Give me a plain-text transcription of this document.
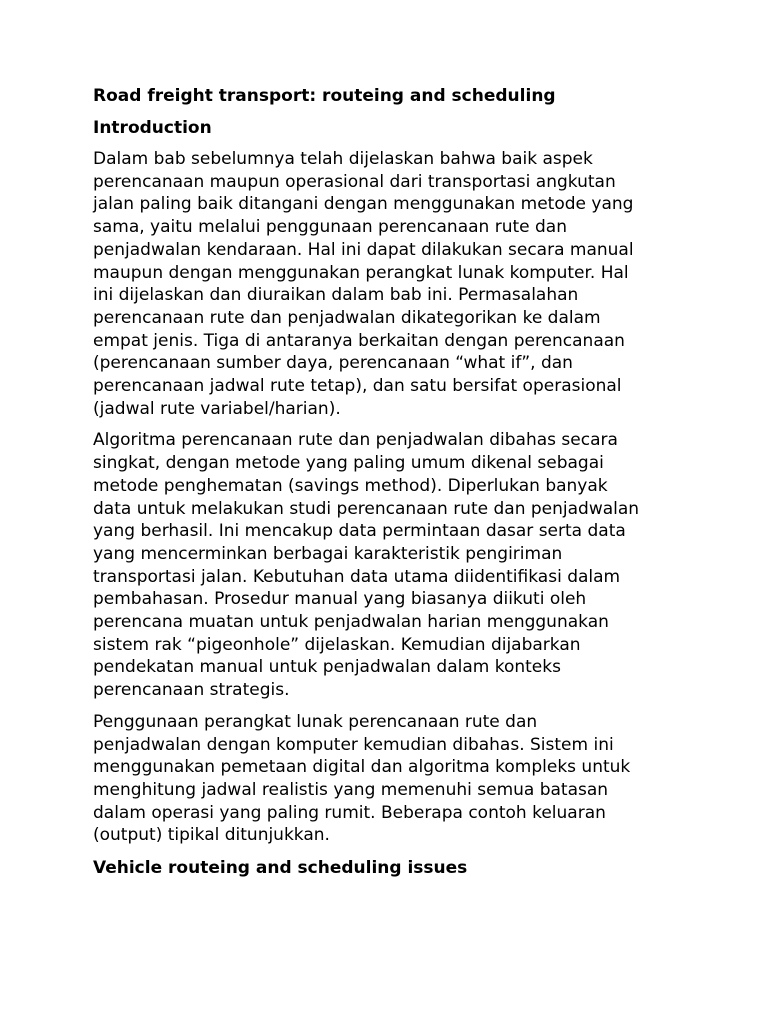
Road freight transport: routeing and scheduling
Introduction
Dalam bab sebelumnya telah dijelaskan bahwa baik aspek
perencanaan maupun operasional dari transportasi angkutan
jalan paling baik ditangani dengan menggunakan metode yang
sama, yaitu melalui penggunaan perencanaan rute dan
penjadwalan kendaraan. Hal ini dapat dilakukan secara manual
maupun dengan menggunakan perangkat lunak komputer. Hal
ini dijelaskan dan diuraikan dalam bab ini. Permasalahan
perencanaan rute dan penjadwalan dikategorikan ke dalam
empat jenis. Tiga di antaranya berkaitan dengan perencanaan
(perencanaan sumber daya, perencanaan “what if”, dan
perencanaan jadwal rute tetap), dan satu bersifat operasional
(jadwal rute variabel/harian).
Algoritma perencanaan rute dan penjadwalan dibahas secara
singkat, dengan metode yang paling umum dikenal sebagai
metode penghematan (savings method). Diperlukan banyak
data untuk melakukan studi perencanaan rute dan penjadwalan
yang berhasil. Ini mencakup data permintaan dasar serta data
yang mencerminkan berbagai karakteristik pengiriman
transportasi jalan. Kebutuhan data utama diidentifikasi dalam
pembahasan. Prosedur manual yang biasanya diikuti oleh
perencana muatan untuk penjadwalan harian menggunakan
sistem rak “pigeonhole” dijelaskan. Kemudian dijabarkan
pendekatan manual untuk penjadwalan dalam konteks
perencanaan strategis.
Penggunaan perangkat lunak perencanaan rute dan
penjadwalan dengan komputer kemudian dibahas. Sistem ini
menggunakan pemetaan digital dan algoritma kompleks untuk
menghitung jadwal realistis yang memenuhi semua batasan
dalam operasi yang paling rumit. Beberapa contoh keluaran
(output) tipikal ditunjukkan.
Vehicle routeing and scheduling issues
